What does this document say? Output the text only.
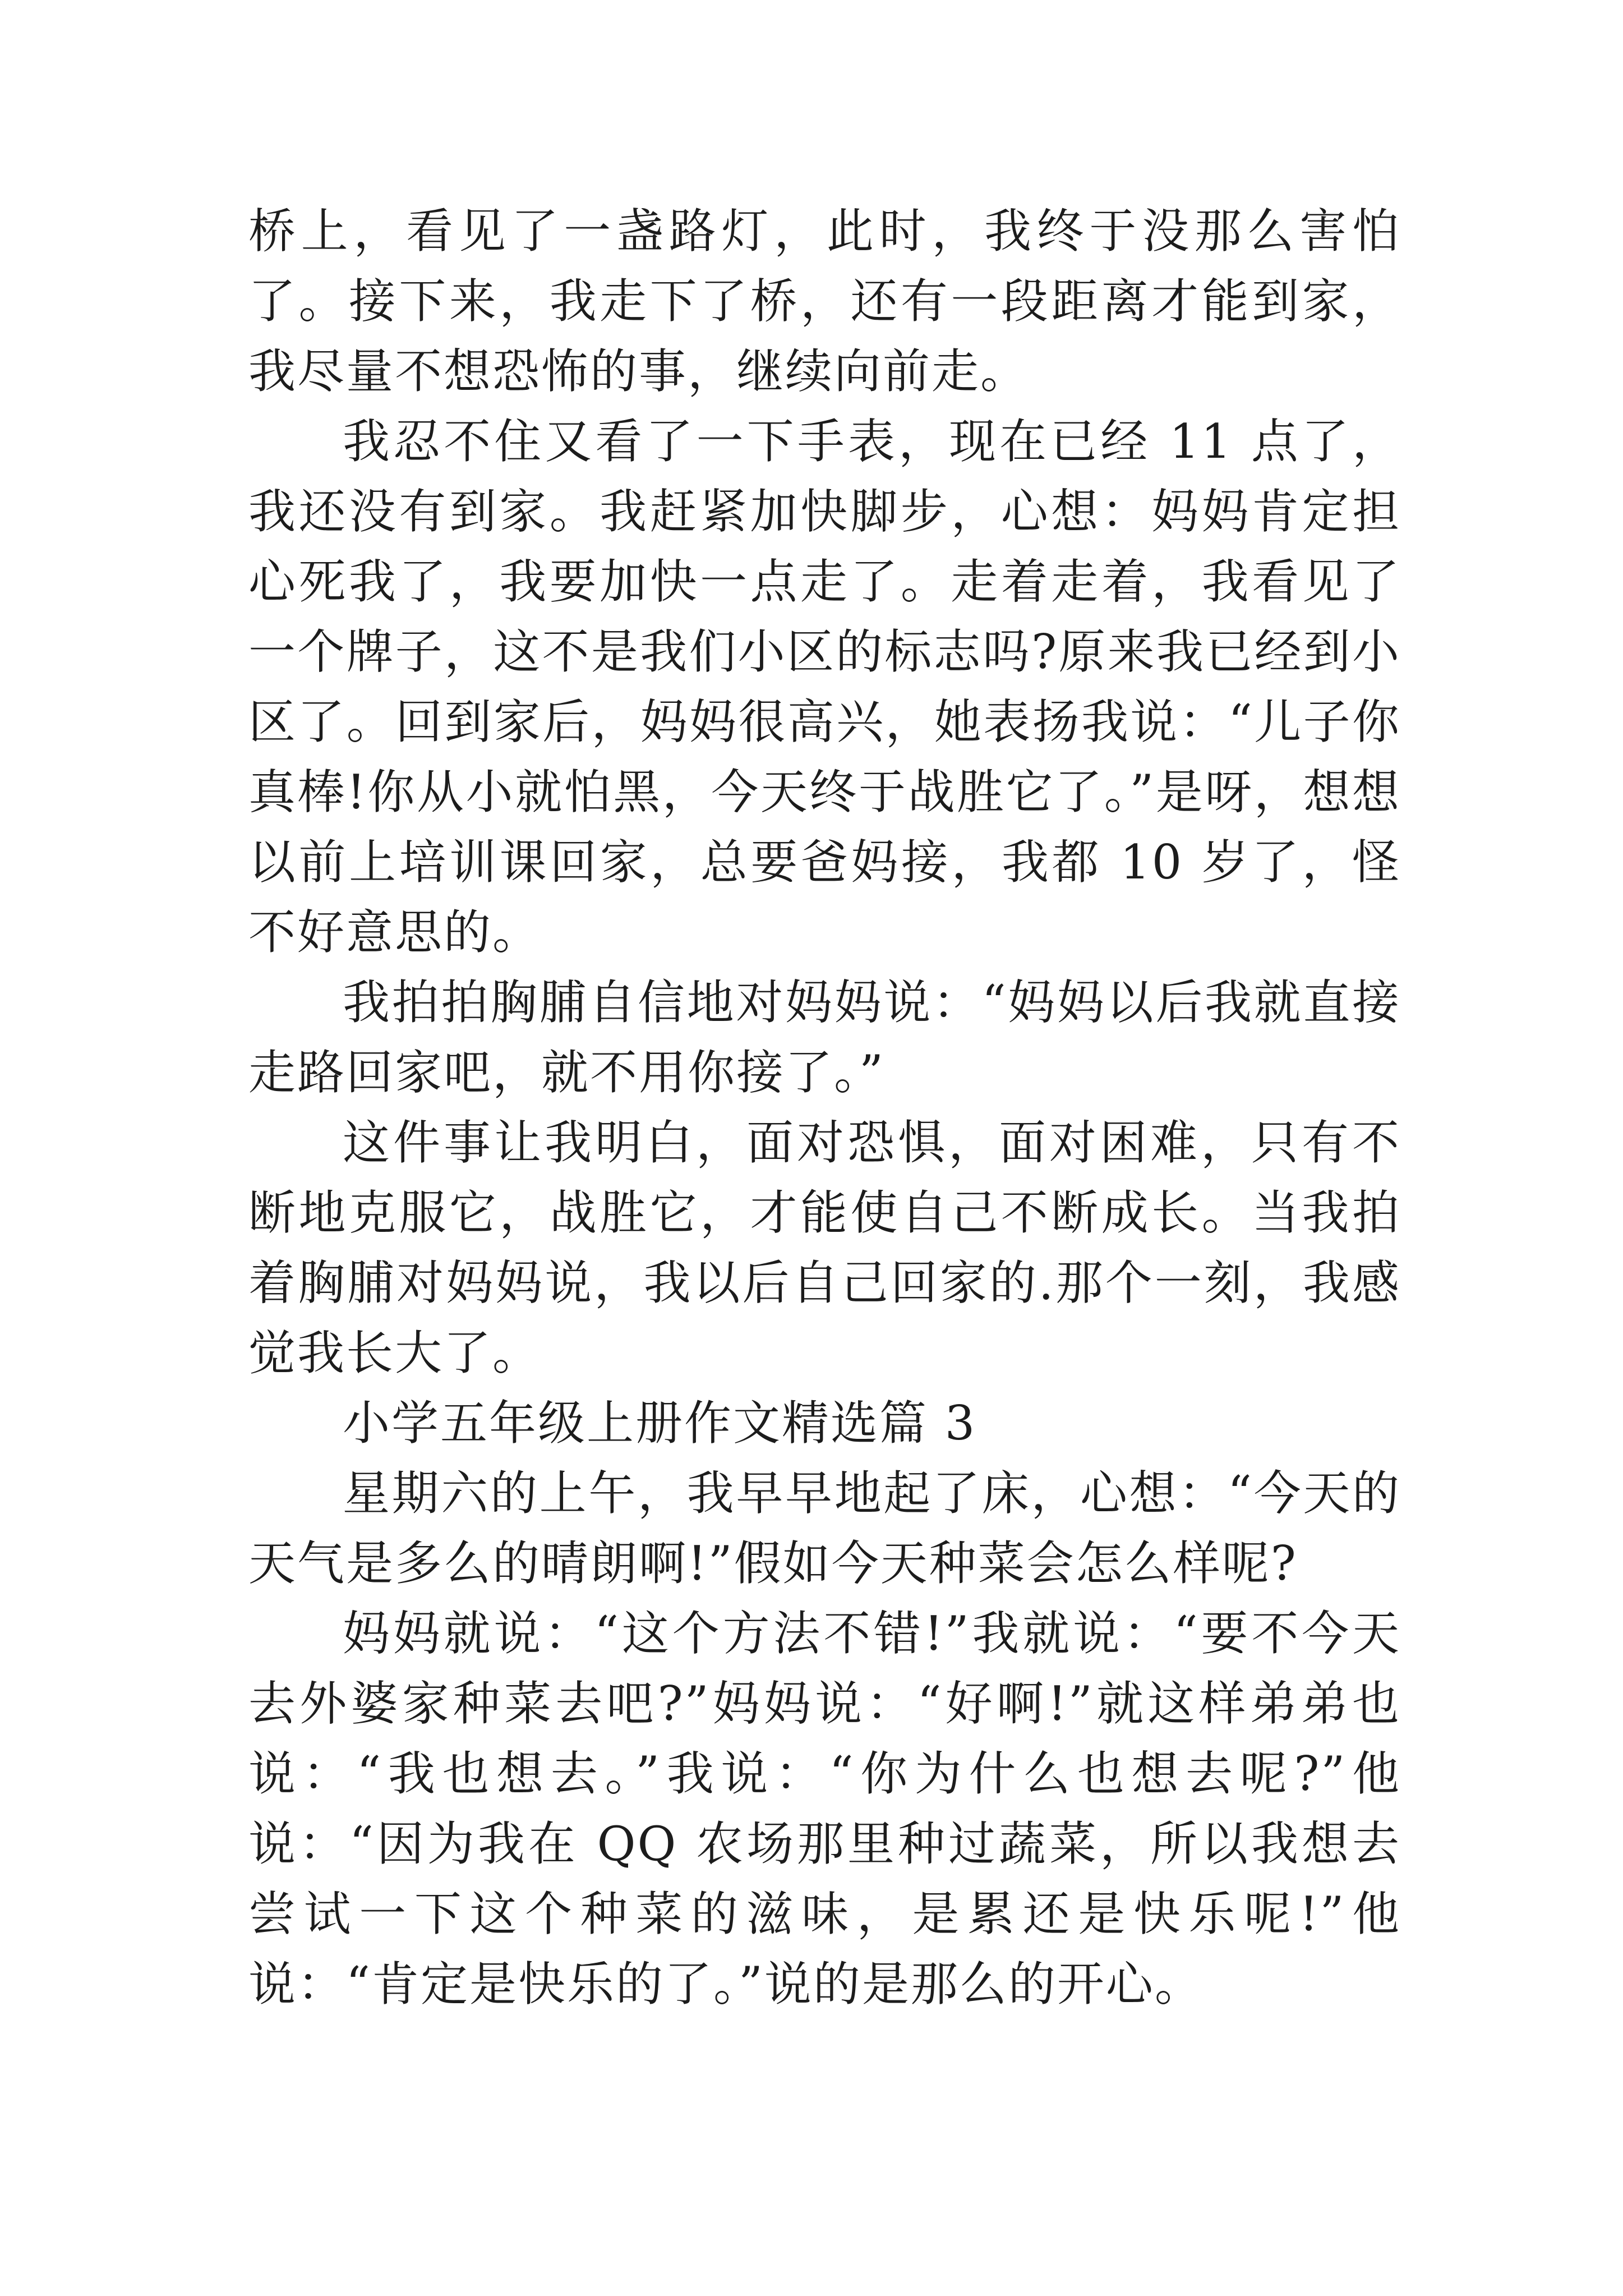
桥上，看见了一盏路灯，此时，我终于没那么害怕了。接下来，我走下了桥，还有一段距离才能到家，我尽量不想恐怖的事，继续向前走。

我忍不住又看了一下手表，现在已经 11 点了，我还没有到家。我赶紧加快脚步，心想：妈妈肯定担心死我了，我要加快一点走了。走着走着，我看见了一个牌子，这不是我们小区的标志吗?原来我已经到小区了。回到家后，妈妈很高兴，她表扬我说：“儿子你真棒!你从小就怕黑，今天终于战胜它了。”是呀，想想以前上培训课回家，总要爸妈接，我都 10 岁了，怪不好意思的。

我拍拍胸脯自信地对妈妈说：“妈妈以后我就直接走路回家吧，就不用你接了。”

这件事让我明白，面对恐惧，面对困难，只有不断地克服它，战胜它，才能使自己不断成长。当我拍着胸脯对妈妈说，我以后自己回家的.那个一刻，我感觉我长大了。

小学五年级上册作文精选篇 3

星期六的上午，我早早地起了床，心想：“今天的天气是多么的晴朗啊!”假如今天种菜会怎么样呢?

妈妈就说：“这个方法不错!”我就说：“要不今天去外婆家种菜去吧?”妈妈说：“好啊!”就这样弟弟也说：“我也想去。”我说：“你为什么也想去呢?”他说：“因为我在 QQ 农场那里种过蔬菜，所以我想去尝试一下这个种菜的滋味，是累还是快乐呢!”他说：“肯定是快乐的了。”说的是那么的开心。
